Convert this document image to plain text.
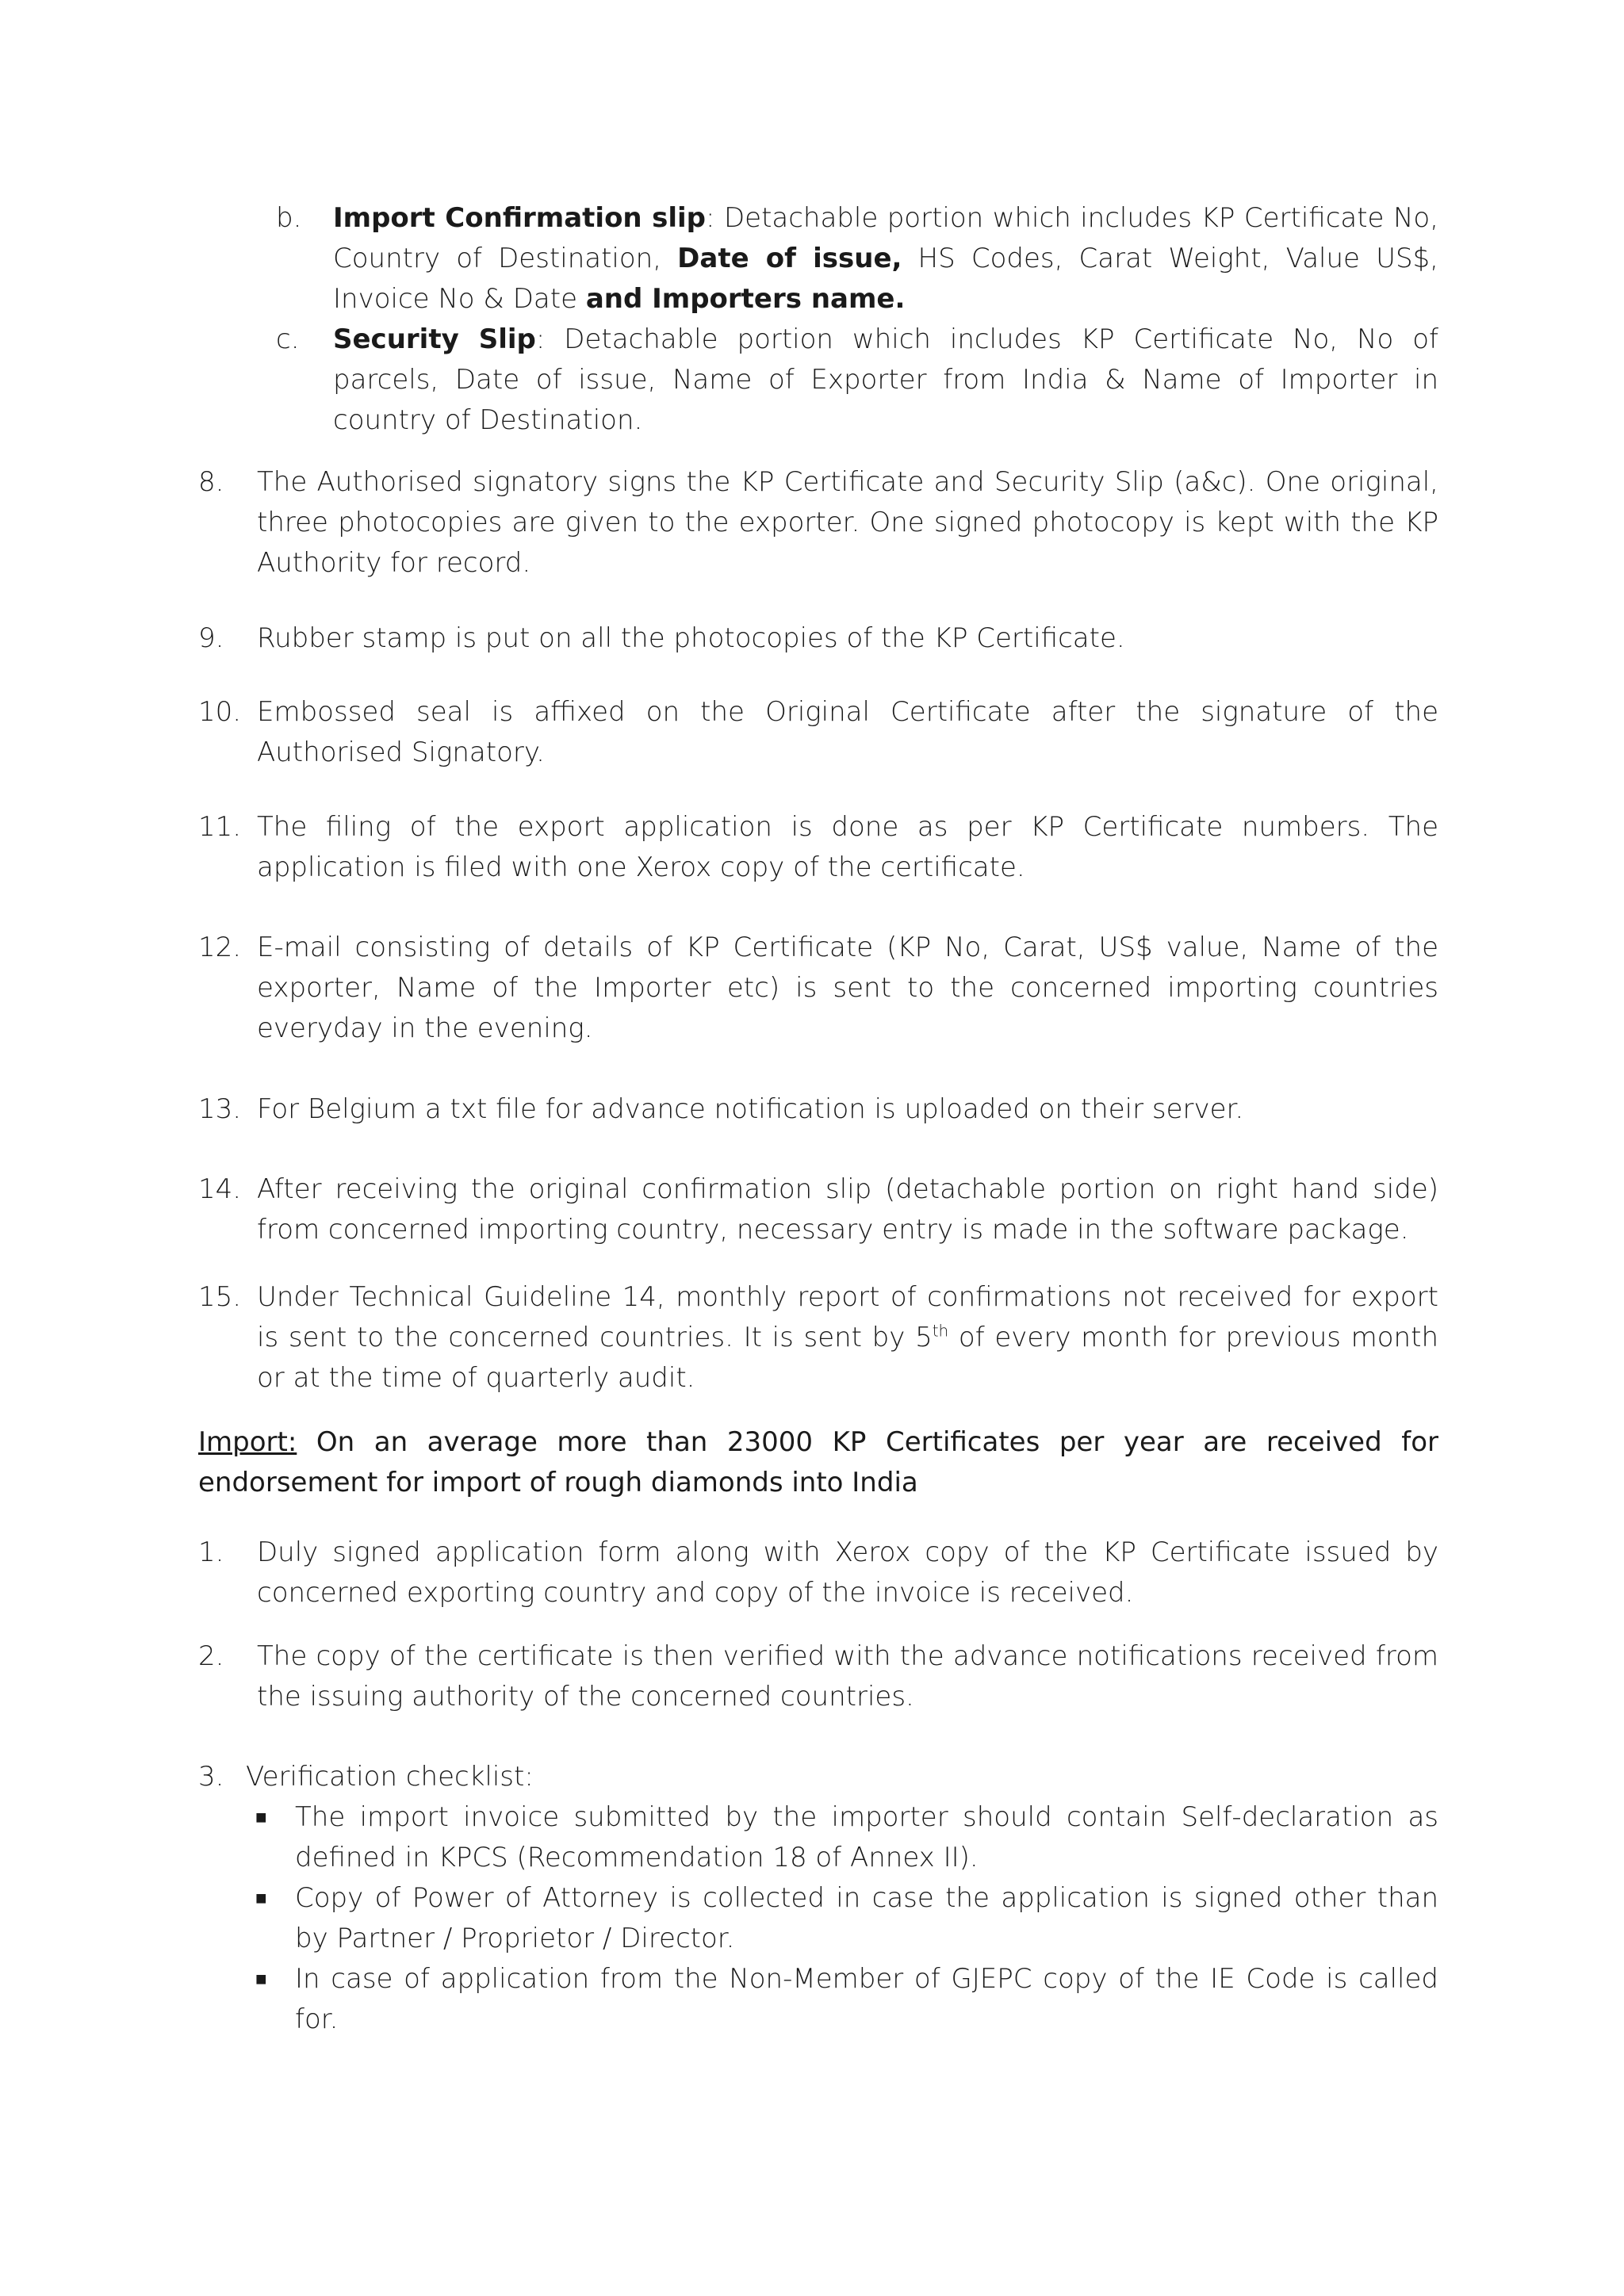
b. Import Confirmation slip: Detachable portion which includes KP Certificate No, Country of Destination, Date of issue, HS Codes, Carat Weight, Value US$, Invoice No & Date and Importers name.
c. Security Slip: Detachable portion which includes KP Certificate No, No of parcels, Date of issue, Name of Exporter from India & Name of Importer in country of Destination.
8. The Authorised signatory signs the KP Certificate and Security Slip (a&c). One original, three photocopies are given to the exporter. One signed photocopy is kept with the KP Authority for record.
9. Rubber stamp is put on all the photocopies of the KP Certificate.
10. Embossed seal is affixed on the Original Certificate after the signature of the Authorised Signatory.
11. The filing of the export application is done as per KP Certificate numbers. The application is filed with one Xerox copy of the certificate.
12. E-mail consisting of details of KP Certificate (KP No, Carat, US$ value, Name of the exporter, Name of the Importer etc) is sent to the concerned importing countries everyday in the evening.
13. For Belgium a txt file for advance notification is uploaded on their server.
14. After receiving the original confirmation slip (detachable portion on right hand side) from concerned importing country, necessary entry is made in the software package.
15. Under Technical Guideline 14, monthly report of confirmations not received for export is sent to the concerned countries. It is sent by 5th of every month for previous month or at the time of quarterly audit.
Import: On an average more than 23000 KP Certificates per year are received for endorsement for import of rough diamonds into India
1. Duly signed application form along with Xerox copy of the KP Certificate issued by concerned exporting country and copy of the invoice is received.
2. The copy of the certificate is then verified with the advance notifications received from the issuing authority of the concerned countries.
3. Verification checklist:
■ The import invoice submitted by the importer should contain Self-declaration as defined in KPCS (Recommendation 18 of Annex II).
■ Copy of Power of Attorney is collected in case the application is signed other than by Partner / Proprietor / Director.
■ In case of application from the Non-Member of GJEPC copy of the IE Code is called for.
